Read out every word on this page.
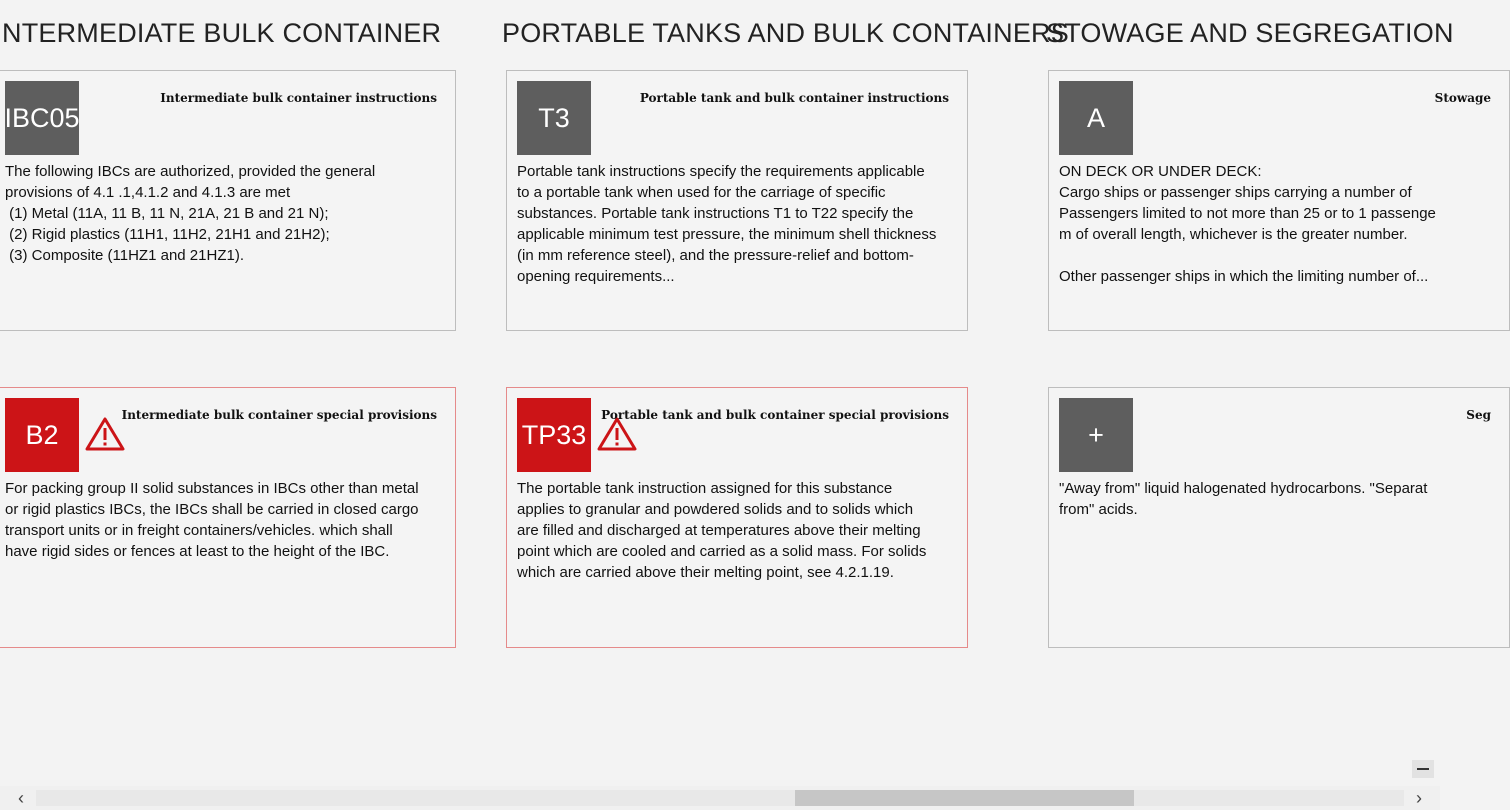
NTERMEDIATE BULK CONTAINER
IBC05
Intermediate bulk container instructions

The following IBCs are authorized, provided the general
provisions of 4.1 .1,4.1.2 and 4.1.3 are met
(1) Metal (11A, 11 B, 11 N, 21A, 21 B and 21 N);
(2) Rigid plastics (11H1, 11H2, 21H1 and 21H2);
(3) Composite (11HZ1 and 21HZ1).

B2
Intermediate bulk container special provisions

For packing group II solid substances in IBCs other than metal
or rigid plastics IBCs, the IBCs shall be carried in closed cargo
transport units or in freight containers/vehicles. which shall
have rigid sides or fences at least to the height of the IBC.

PORTABLE TANKS AND BULK CONTAINERS
T3
Portable tank and bulk container instructions

Portable tank instructions specify the requirements applicable
to a portable tank when used for the carriage of specific
substances. Portable tank instructions T1 to T22 specify the
applicable minimum test pressure, the minimum shell thickness
(in mm reference steel), and the pressure-relief and bottom-
opening requirements...

TP33
Portable tank and bulk container special provisions

The portable tank instruction assigned for this substance
applies to granular and powdered solids and to solids which
are filled and discharged at temperatures above their melting
point which are cooled and carried as a solid mass. For solids
which are carried above their melting point, see 4.2.1.19.

STOWAGE AND SEGREGATION
A
Stowage

ON DECK OR UNDER DECK:
Cargo ships or passenger ships carrying a number of
Passengers limited to not more than 25 or to 1 passenge
m of overall length, whichever is the greater number.

Other passenger ships in which the limiting number of...

+
Seg

"Away from" liquid halogenated hydrocarbons. "Separat
from" acids.

‹	›
